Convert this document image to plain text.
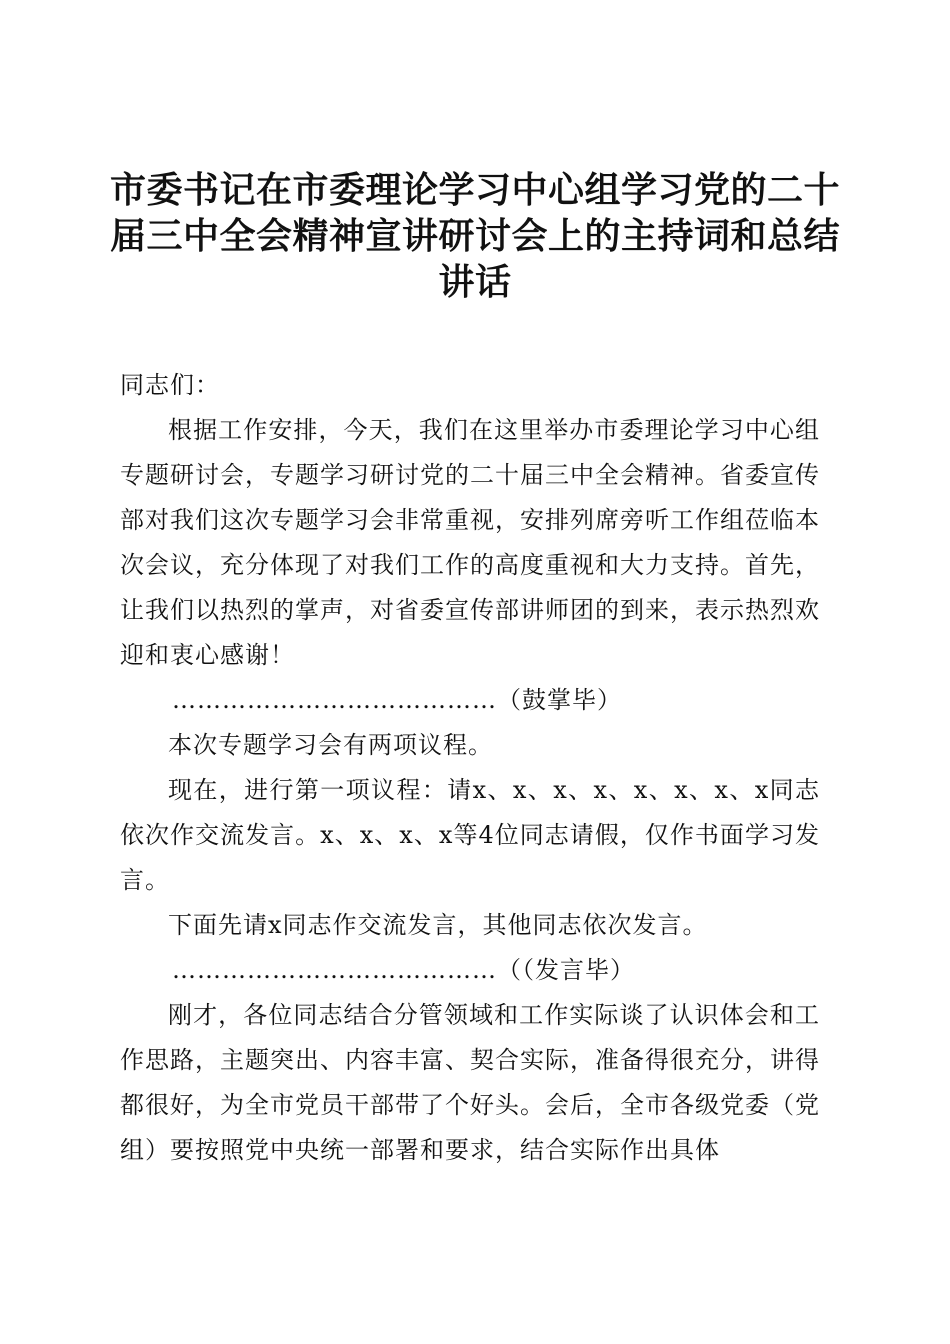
市委书记在市委理论学习中心组学习党的二十届三中全会精神宣讲研讨会上的主持词和总结讲话

同志们：

根据工作安排，今天，我们在这里举办市委理论学习中心组专题研讨会，专题学习研讨党的二十届三中全会精神。省委宣传部对我们这次专题学习会非常重视，安排列席旁听工作组莅临本次会议，充分体现了对我们工作的高度重视和大力支持。首先，让我们以热烈的掌声，对省委宣传部讲师团的到来，表示热烈欢迎和衷心感谢！

…………………………………（鼓掌毕）

本次专题学习会有两项议程。

现在，进行第一项议程：请x、x、x、x、x、x、x、x同志依次作交流发言。x、x、x、x等4位同志请假，仅作书面学习发言。

下面先请x同志作交流发言，其他同志依次发言。

…………………………………（（发言毕）

刚才，各位同志结合分管领域和工作实际谈了认识体会和工作思路，主题突出、内容丰富、契合实际，准备得很充分，讲得都很好，为全市党员干部带了个好头。会后，全市各级党委（党组）要按照党中央统一部署和要求，结合实际作出具体
